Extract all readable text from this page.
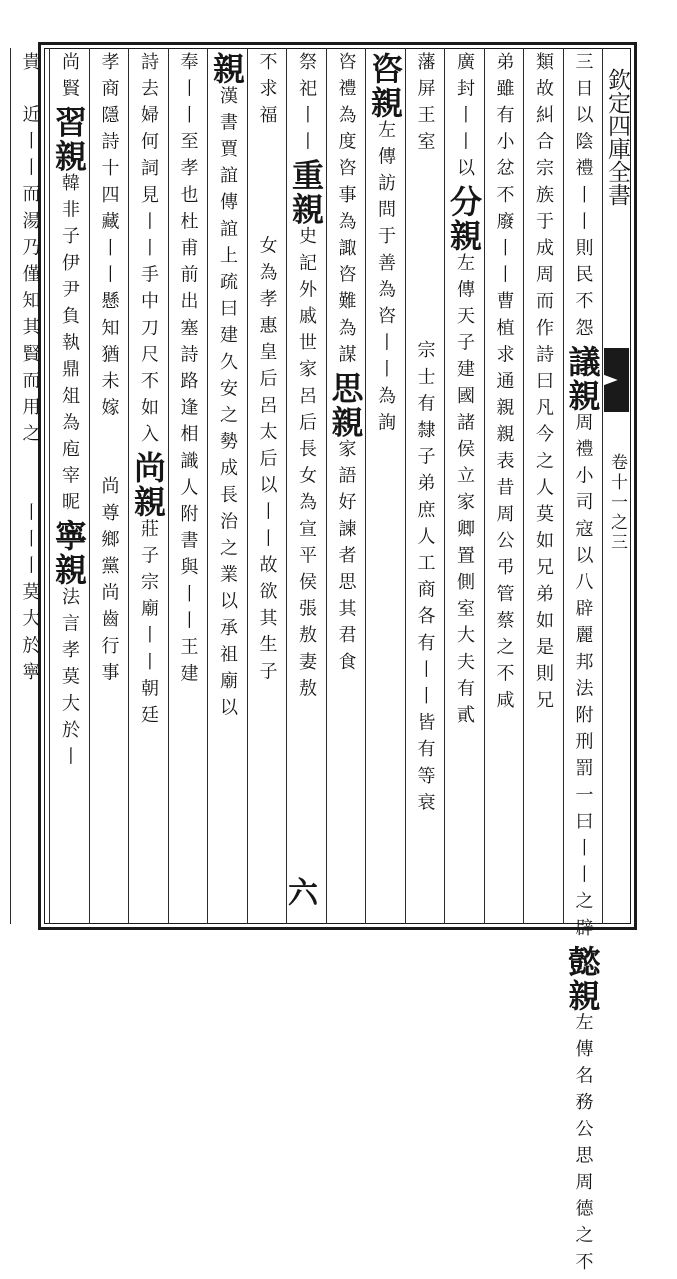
欽定四庫全書
卷十一之三
三日以陰禮丨丨則民不怨議親周禮小司寇以八辟麗邦法附刑罰一曰丨丨之辟懿親左傳名務公思周德之不
類故糾合宗族于成周而作詩曰凡今之人莫如兄弟如是則兄
弟雖有小忿不廢丨丨曹植求通親親表昔周公弔管蔡之不咸
廣封丨丨以分親左傳天子建國諸侯立家卿置側室大夫有貳
藩屏王室宗士有隸子弟庶人工商各有丨丨皆有等衰
咨親左傳訪問于善為咨丨丨為詢
咨禮為度咨事為諏咨難為謀思親家語好諫者思其君食
祭祀丨丨重親史記外戚世家呂后長女為宣平侯張敖妻敖
不求福女為孝惠皇后呂太后以丨丨故欲其生子
親漢書賈誼傳誼上疏曰建久安之勢成長治之業以承祖廟以
奉丨丨至孝也杜甫前出塞詩路逢相識人附書與丨丨王建
詩去婦何詞見丨丨手中刀尺不如入尚親莊子宗廟丨丨朝廷
孝商隱詩十四藏丨丨懸知猶未嫁尚尊鄉黨尚齒行事
尚賢習親韓非子伊尹負執鼎俎為庖宰昵寧親法言孝莫大於丨
貴近丨丨而湯乃僅知其賢而用之丨丨丨莫大於寧
六
